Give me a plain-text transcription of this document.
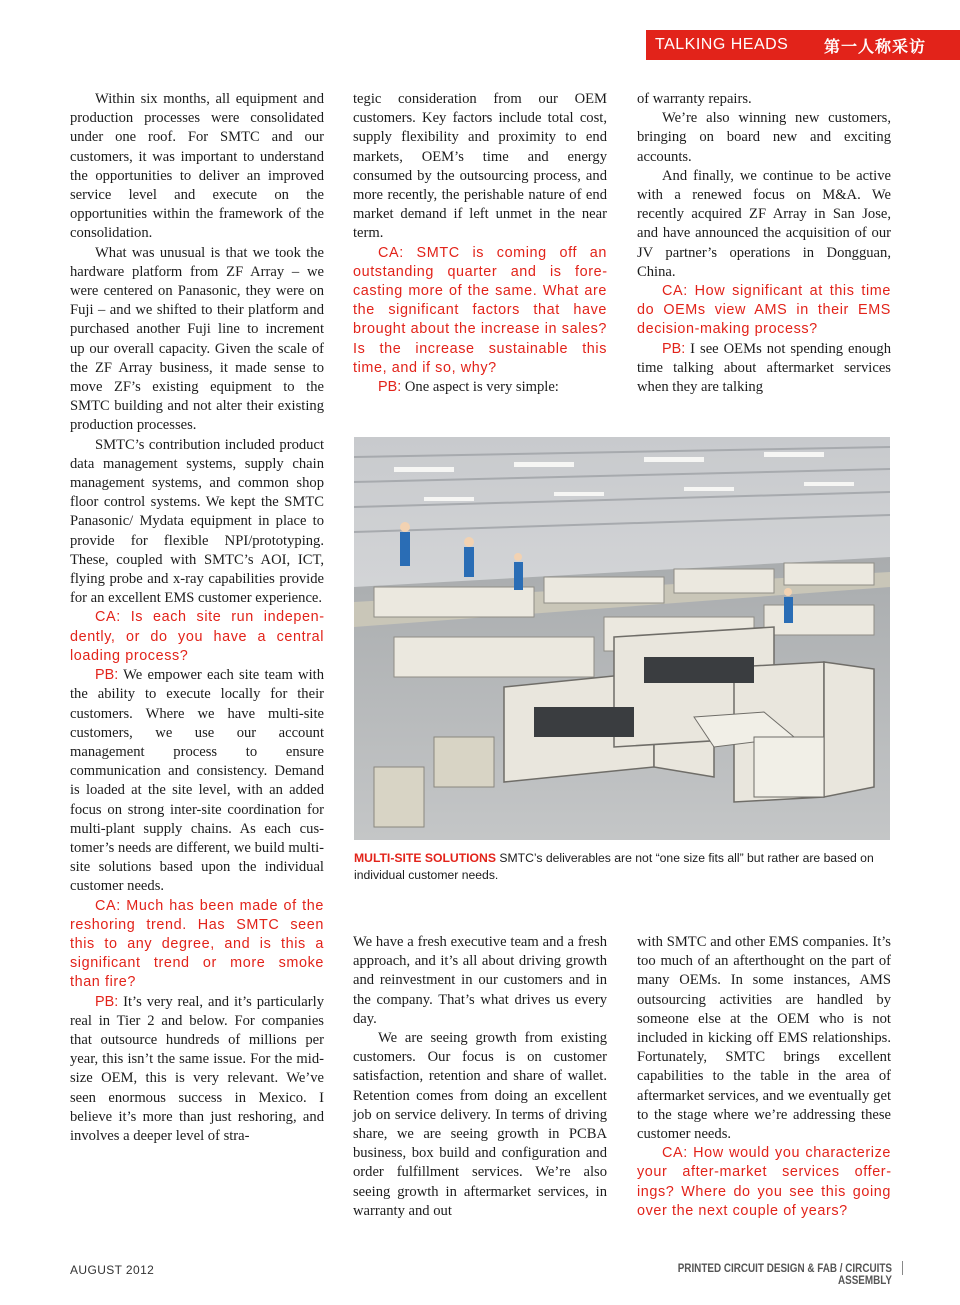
TALKING HEADS 第一人称采访

Within six months, all equipment and production processes were consolidated under one roof. For SMTC and our customers, it was important to understand the opportunities to deliver an improved service level and execute on the opportunities within the framework of the consolidation.

What was unusual is that we took the hardware platform from ZF Array – we were centered on Panasonic, they were on Fuji – and we shifted to their platform and purchased another Fuji line to increment up our overall capacity. Given the scale of the ZF Array business, it made sense to move ZF’s existing equipment to the SMTC building and not alter their existing production processes.

SMTC’s contribution included product data management systems, supply chain management systems, and common shop floor control systems. We kept the SMTC Panasonic/ Mydata equipment in place to provide for flexible NPI/prototyping. These, coupled with SMTC’s AOI, ICT, flying probe and x-ray capabilities provide for an excellent EMS customer experience.

CA: Is each site run independently, or do you have a central loading process?

PB: We empower each site team with the ability to execute locally for their customers. Where we have multi-site customers, we use our account management process to ensure communication and consistency. Demand is loaded at the site level, with an added focus on strong inter-site coordination for multi-plant supply chains. As each customer’s needs are different, we build multi-site solutions based upon the individual customer needs.

CA: Much has been made of the reshoring trend. Has SMTC seen this to any degree, and is this a significant trend or more smoke than fire?

PB: It’s very real, and it’s particularly real in Tier 2 and below. For companies that outsource hundreds of millions per year, this isn’t the same issue. For the mid-size OEM, this is very relevant. We’ve seen enormous success in Mexico. I believe it’s more than just reshoring, and involves a deeper level of stra-

tegic consideration from our OEM customers. Key factors include total cost, supply flexibility and proximity to end markets, OEM’s time and energy consumed by the outsourcing process, and more recently, the perishable nature of end market demand if left unmet in the near term.

CA: SMTC is coming off an outstanding quarter and is forecasting more of the same. What are the significant factors that have brought about the increase in sales? Is the increase sustainable this time, and if so, why?

PB: One aspect is very simple:

of warranty repairs.

We’re also winning new customers, bringing on board new and exciting accounts.

And finally, we continue to be active with a renewed focus on M&A. We recently acquired ZF Array in San Jose, and have announced the acquisition of our JV partner’s operations in Dongguan, China.

CA: How significant at this time do OEMs view AMS in their EMS decision-making process?

PB: I see OEMs not spending enough time talking about aftermarket services when they are talking

MULTI-SITE SOLUTIONS SMTC’s deliverables are not “one size fits all” but rather are based on individual customer needs.

We have a fresh executive team and a fresh approach, and it’s all about driving growth and reinvestment in our customers and in the company. That’s what drives us every day.

We are seeing growth from existing customers. Our focus is on customer satisfaction, retention and share of wallet. Retention comes from doing an excellent job on service delivery. In terms of driving share, we are seeing growth in PCBA business, box build and configuration and order fulfillment services. We’re also seeing growth in aftermarket services, in warranty and out

with SMTC and other EMS companies. It’s too much of an afterthought on the part of many OEMs. In some instances, AMS outsourcing activities are handled by someone else at the OEM who is not included in kicking off EMS relationships. Fortunately, SMTC brings excellent capabilities to the table in the area of aftermarket services, and we eventually get to the stage where we’re addressing these customer needs.

CA: How would you characterize your after-market services offerings? Where do you see this going over the next couple of years?

AUGUST 2012	PRINTED CIRCUIT DESIGN & FAB / CIRCUITS ASSEMBLY
